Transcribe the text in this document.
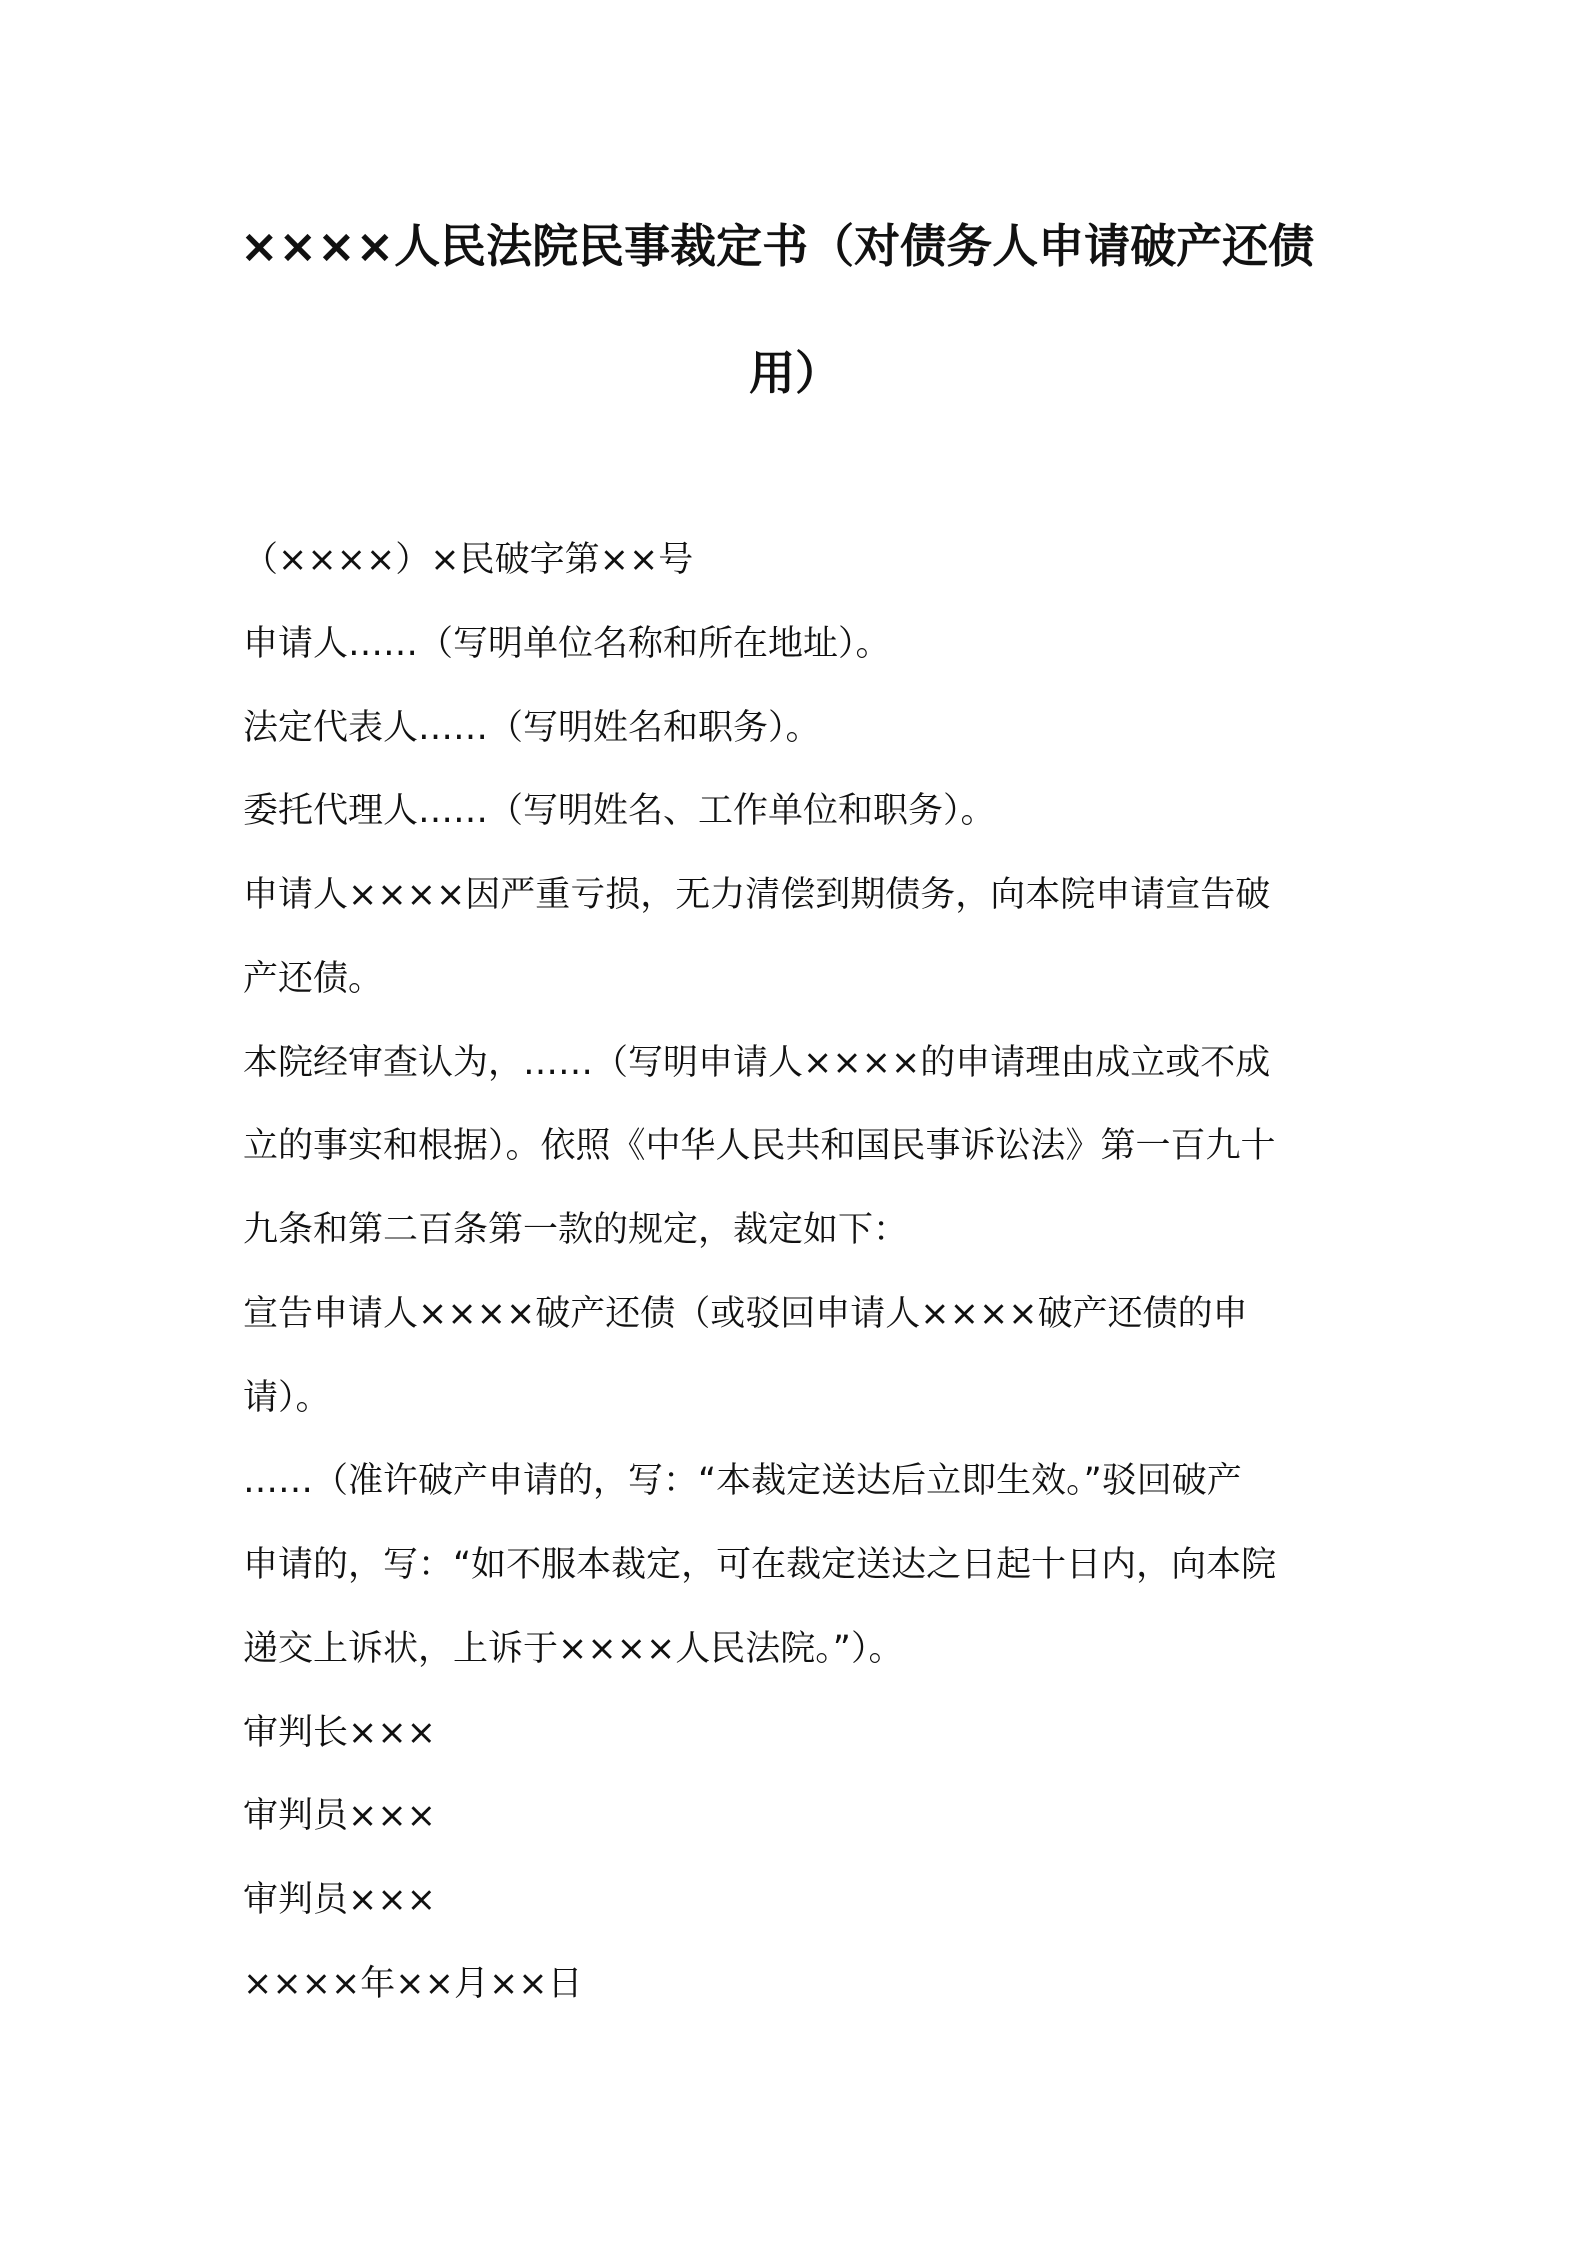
××××人民法院民事裁定书（对债务人申请破产还债
用）

（××××）×民破字第××号

申请人……（写明单位名称和所在地址）。

法定代表人……（写明姓名和职务）。

委托代理人……（写明姓名、工作单位和职务）。

申请人××××因严重亏损，无力清偿到期债务，向本院申请宣告破

产还债。

本院经审查认为，……（写明申请人××××的申请理由成立或不成

立的事实和根据）。依照《中华人民共和国民事诉讼法》第一百九十

九条和第二百条第一款的规定，裁定如下：

宣告申请人××××破产还债（或驳回申请人××××破产还债的申

请）。

……（准许破产申请的，写：“本裁定送达后立即生效。”驳回破产

申请的，写：“如不服本裁定，可在裁定送达之日起十日内，向本院

递交上诉状，上诉于××××人民法院。”）。

审判长×××

审判员×××

审判员×××

××××年××月××日
